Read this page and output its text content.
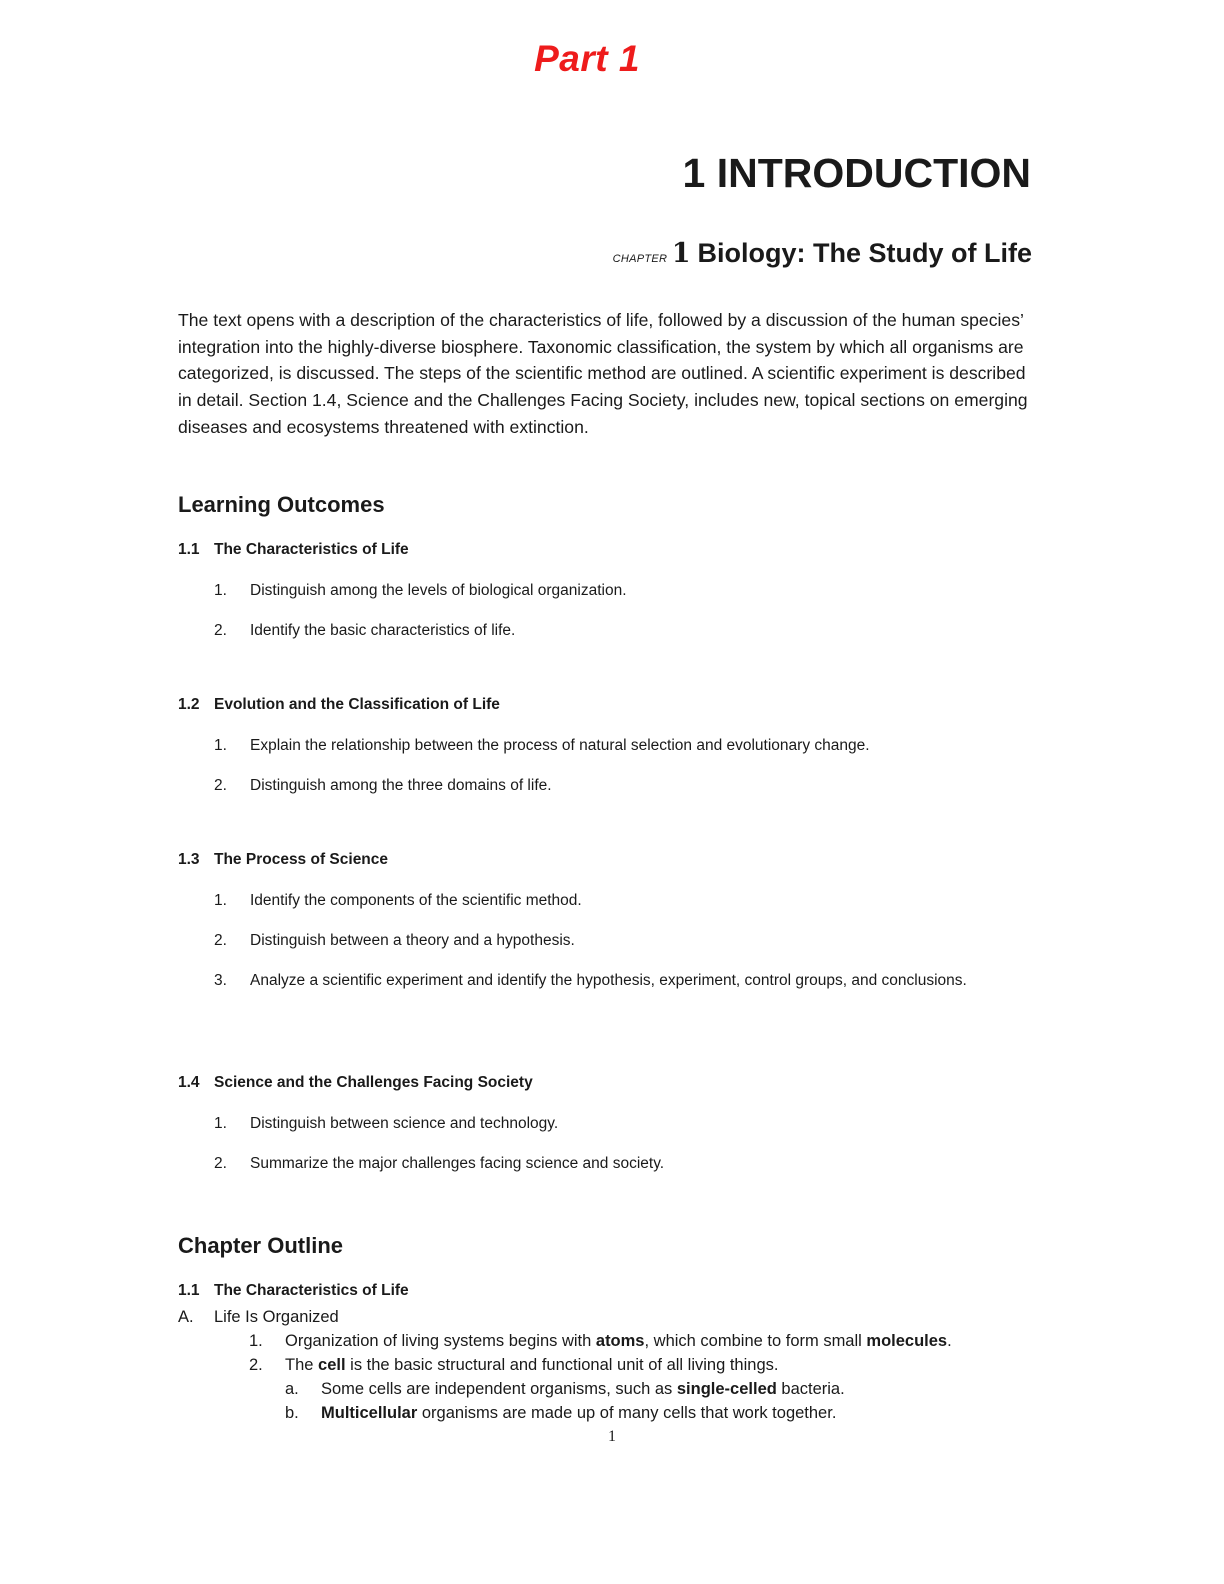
Part 1
1 INTRODUCTION
CHAPTER 1 Biology: The Study of Life
The text opens with a description of the characteristics of life, followed by a discussion of the human species’ integration into the highly-diverse biosphere. Taxonomic classification, the system by which all organisms are categorized, is discussed. The steps of the scientific method are outlined. A scientific experiment is described in detail. Section 1.4, Science and the Challenges Facing Society, includes new, topical sections on emerging diseases and ecosystems threatened with extinction.
Learning Outcomes
1.1 The Characteristics of Life
1. Distinguish among the levels of biological organization.
2. Identify the basic characteristics of life.
1.2 Evolution and the Classification of Life
1. Explain the relationship between the process of natural selection and evolutionary change.
2. Distinguish among the three domains of life.
1.3 The Process of Science
1. Identify the components of the scientific method.
2. Distinguish between a theory and a hypothesis.
3. Analyze a scientific experiment and identify the hypothesis, experiment, control groups, and conclusions.
1.4 Science and the Challenges Facing Society
1. Distinguish between science and technology.
2. Summarize the major challenges facing science and society.
Chapter Outline
1.1 The Characteristics of Life
A. Life Is Organized
1. Organization of living systems begins with atoms, which combine to form small molecules.
2. The cell is the basic structural and functional unit of all living things.
a. Some cells are independent organisms, such as single-celled bacteria.
b. Multicellular organisms are made up of many cells that work together.
1
